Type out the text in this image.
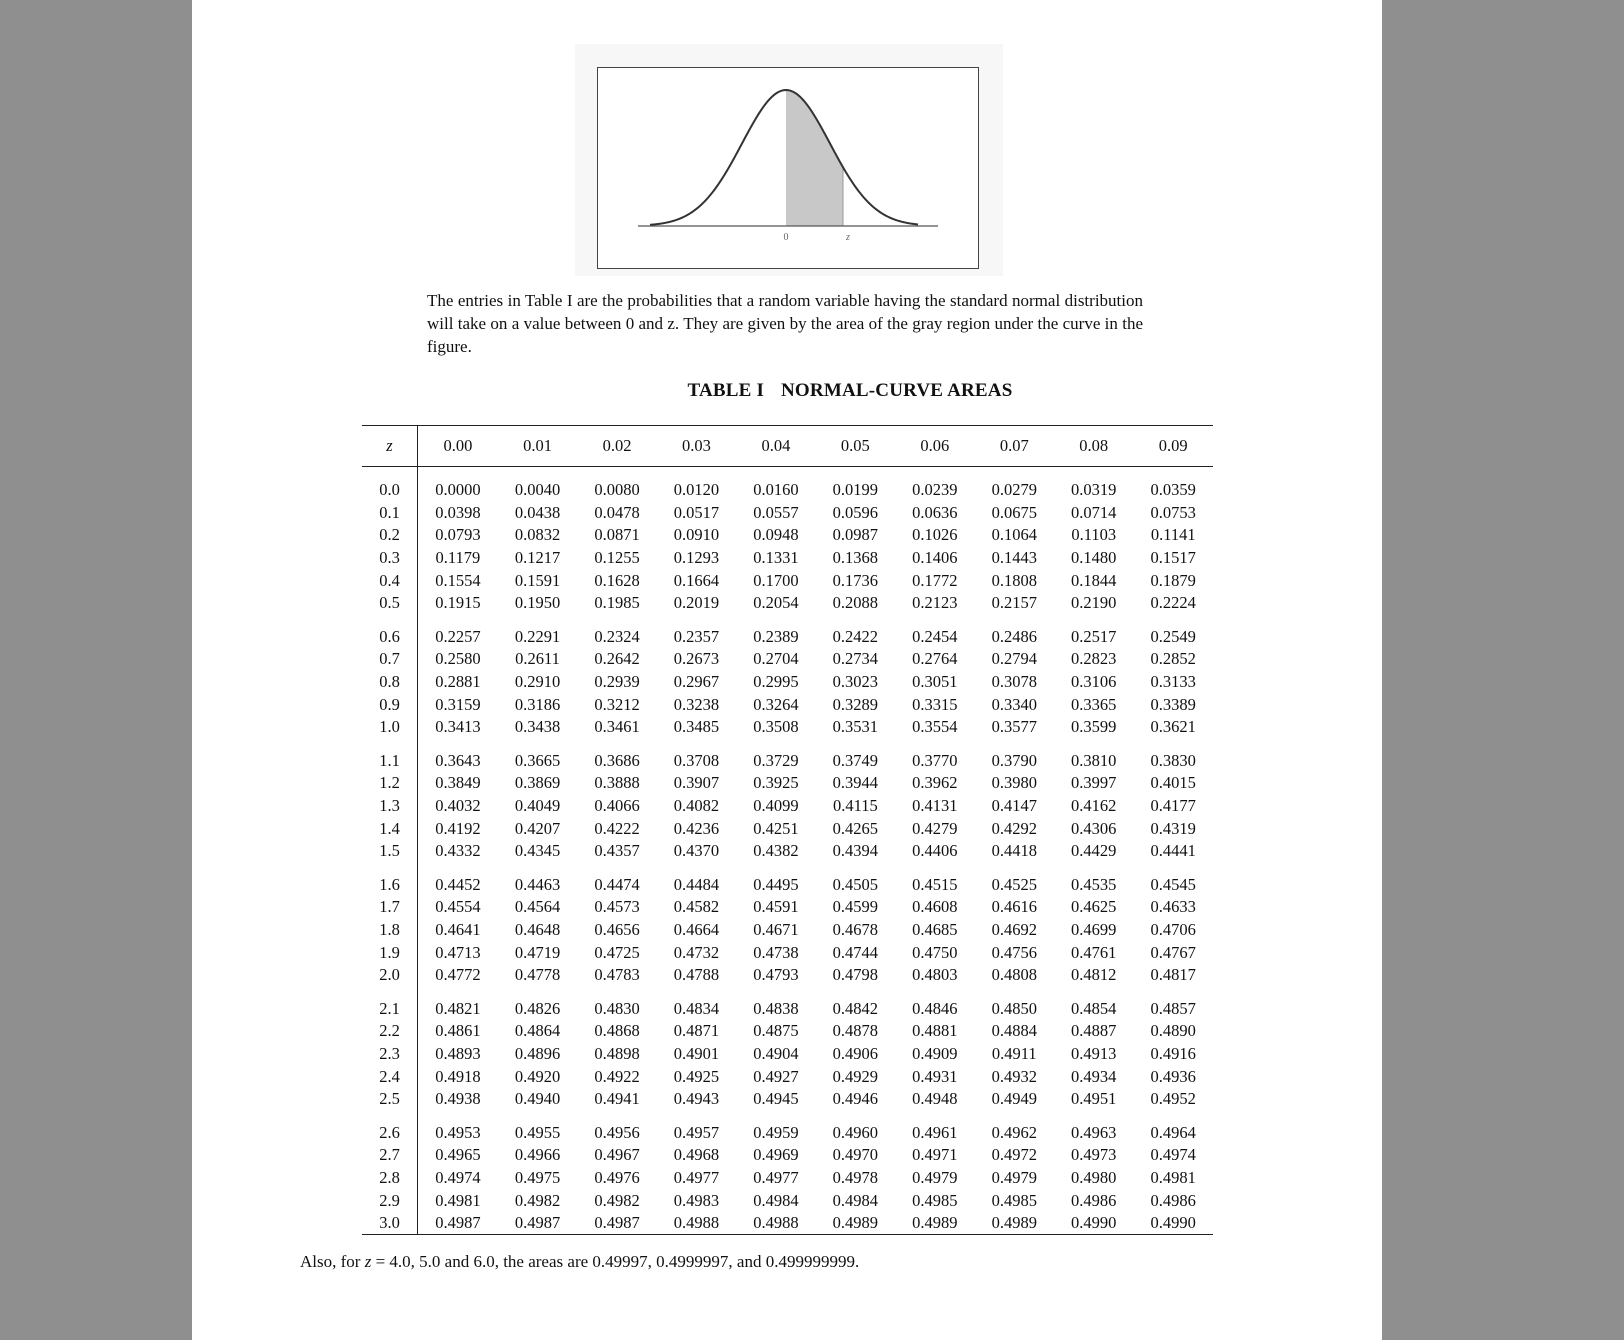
0	z

The entries in Table I are the probabilities that a random variable having the standard normal distribution will take on a value between 0 and z. They are given by the area of the gray region under the curve in the figure.

TABLE I NORMAL-CURVE AREAS
z	0.00	0.01	0.02	0.03	0.04	0.05	0.06	0.07	0.08	0.09
0.0	0.0000	0.0040	0.0080	0.0120	0.0160	0.0199	0.0239	0.0279	0.0319	0.0359
0.1	0.0398	0.0438	0.0478	0.0517	0.0557	0.0596	0.0636	0.0675	0.0714	0.0753
0.2	0.0793	0.0832	0.0871	0.0910	0.0948	0.0987	0.1026	0.1064	0.1103	0.1141
0.3	0.1179	0.1217	0.1255	0.1293	0.1331	0.1368	0.1406	0.1443	0.1480	0.1517
0.4	0.1554	0.1591	0.1628	0.1664	0.1700	0.1736	0.1772	0.1808	0.1844	0.1879
0.5	0.1915	0.1950	0.1985	0.2019	0.2054	0.2088	0.2123	0.2157	0.2190	0.2224
0.6	0.2257	0.2291	0.2324	0.2357	0.2389	0.2422	0.2454	0.2486	0.2517	0.2549
0.7	0.2580	0.2611	0.2642	0.2673	0.2704	0.2734	0.2764	0.2794	0.2823	0.2852
0.8	0.2881	0.2910	0.2939	0.2967	0.2995	0.3023	0.3051	0.3078	0.3106	0.3133
0.9	0.3159	0.3186	0.3212	0.3238	0.3264	0.3289	0.3315	0.3340	0.3365	0.3389
1.0	0.3413	0.3438	0.3461	0.3485	0.3508	0.3531	0.3554	0.3577	0.3599	0.3621
1.1	0.3643	0.3665	0.3686	0.3708	0.3729	0.3749	0.3770	0.3790	0.3810	0.3830
1.2	0.3849	0.3869	0.3888	0.3907	0.3925	0.3944	0.3962	0.3980	0.3997	0.4015
1.3	0.4032	0.4049	0.4066	0.4082	0.4099	0.4115	0.4131	0.4147	0.4162	0.4177
1.4	0.4192	0.4207	0.4222	0.4236	0.4251	0.4265	0.4279	0.4292	0.4306	0.4319
1.5	0.4332	0.4345	0.4357	0.4370	0.4382	0.4394	0.4406	0.4418	0.4429	0.4441
1.6	0.4452	0.4463	0.4474	0.4484	0.4495	0.4505	0.4515	0.4525	0.4535	0.4545
1.7	0.4554	0.4564	0.4573	0.4582	0.4591	0.4599	0.4608	0.4616	0.4625	0.4633
1.8	0.4641	0.4648	0.4656	0.4664	0.4671	0.4678	0.4685	0.4692	0.4699	0.4706
1.9	0.4713	0.4719	0.4725	0.4732	0.4738	0.4744	0.4750	0.4756	0.4761	0.4767
2.0	0.4772	0.4778	0.4783	0.4788	0.4793	0.4798	0.4803	0.4808	0.4812	0.4817
2.1	0.4821	0.4826	0.4830	0.4834	0.4838	0.4842	0.4846	0.4850	0.4854	0.4857
2.2	0.4861	0.4864	0.4868	0.4871	0.4875	0.4878	0.4881	0.4884	0.4887	0.4890
2.3	0.4893	0.4896	0.4898	0.4901	0.4904	0.4906	0.4909	0.4911	0.4913	0.4916
2.4	0.4918	0.4920	0.4922	0.4925	0.4927	0.4929	0.4931	0.4932	0.4934	0.4936
2.5	0.4938	0.4940	0.4941	0.4943	0.4945	0.4946	0.4948	0.4949	0.4951	0.4952
2.6	0.4953	0.4955	0.4956	0.4957	0.4959	0.4960	0.4961	0.4962	0.4963	0.4964
2.7	0.4965	0.4966	0.4967	0.4968	0.4969	0.4970	0.4971	0.4972	0.4973	0.4974
2.8	0.4974	0.4975	0.4976	0.4977	0.4977	0.4978	0.4979	0.4979	0.4980	0.4981
2.9	0.4981	0.4982	0.4982	0.4983	0.4984	0.4984	0.4985	0.4985	0.4986	0.4986
3.0	0.4987	0.4987	0.4987	0.4988	0.4988	0.4989	0.4989	0.4989	0.4990	0.4990
Also, for z = 4.0, 5.0 and 6.0, the areas are 0.49997, 0.4999997, and 0.499999999.
